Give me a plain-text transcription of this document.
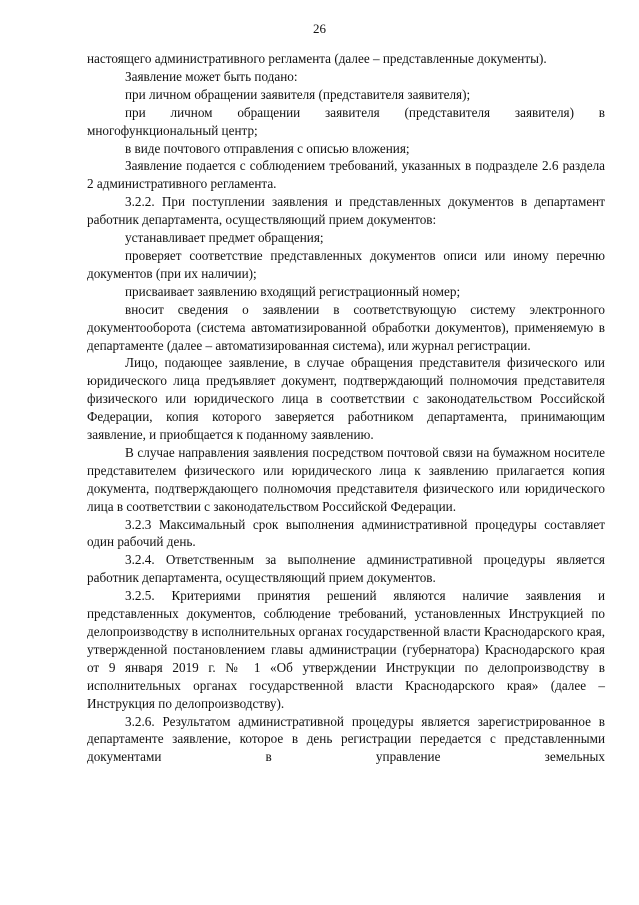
26

настоящего административного регламента (далее – представленные документы).

Заявление может быть подано:

при личном обращении заявителя (представителя заявителя);

при личном обращении заявителя (представителя заявителя) в многофункциональный центр;

в виде почтового отправления с описью вложения;

Заявление подается с соблюдением требований, указанных в подразделе 2.6 раздела 2 административного регламента.

3.2.2. При поступлении заявления и представленных документов в департамент работник департамента, осуществляющий прием документов:

устанавливает предмет обращения;

проверяет соответствие представленных документов описи или иному перечню документов (при их наличии);

присваивает заявлению входящий регистрационный номер;

вносит сведения о заявлении в соответствующую систему электронного документооборота (система автоматизированной обработки документов), применяемую в департаменте (далее – автоматизированная система), или журнал регистрации.

Лицо, подающее заявление, в случае обращения представителя физического или юридического лица предъявляет документ, подтверждающий полномочия представителя физического или юридического лица в соответствии с законодательством Российской Федерации, копия которого заверяется работником департамента, принимающим заявление, и приобщается к поданному заявлению.

В случае направления заявления посредством почтовой связи на бумажном носителе представителем физического или юридического лица к заявлению прилагается копия документа, подтверждающего полномочия представителя физического или юридического лица в соответствии с законодательством Российской Федерации.

3.2.3 Максимальный срок выполнения административной процедуры составляет один рабочий день.

3.2.4. Ответственным за выполнение административной процедуры является работник департамента, осуществляющий прием документов.

3.2.5. Критериями принятия решений являются наличие заявления и представленных документов, соблюдение требований, установленных Инструкцией по делопроизводству в исполнительных органах государственной власти Краснодарского края, утвержденной постановлением главы администрации (губернатора) Краснодарского края от 9 января 2019 г. № 1 «Об утверждении Инструкции по делопроизводству в исполнительных органах государственной власти Краснодарского края» (далее – Инструкция по делопроизводству).

3.2.6. Результатом административной процедуры является зарегистрированное в департаменте заявление, которое в день регистрации передается с представленными документами в управление земельных
